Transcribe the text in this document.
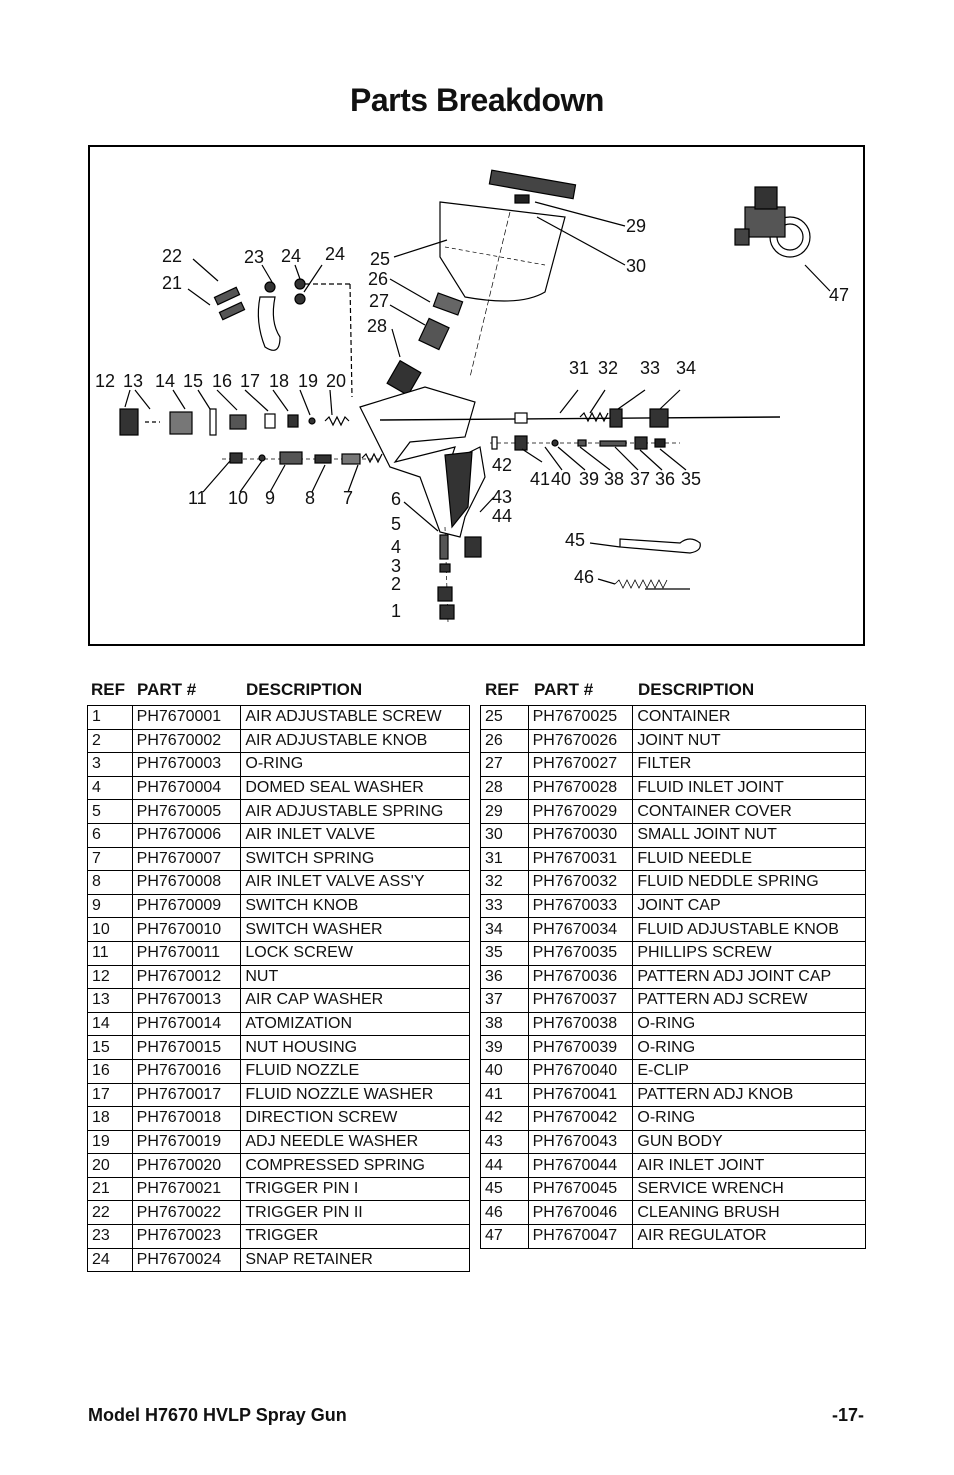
Parts Breakdown
22
21
23 24 24 25
26
27
28
29
30
47
12 13 14 15 16 17 18 19 20
31 32 33 34
42
41 40 39 38 37 36 35
11 10 9 8 7 6	43
44
5
4
3
2
1
45
46
REF PART #	DESCRIPTION	REF PART #	DESCRIPTION
1	PH7670001	AIR ADJUSTABLE SCREW
2	PH7670002	AIR ADJUSTABLE KNOB
3	PH7670003	O-RING
4	PH7670004	DOMED SEAL WASHER
5	PH7670005	AIR ADJUSTABLE SPRING
6	PH7670006	AIR INLET VALVE
7	PH7670007	SWITCH SPRING
8	PH7670008	AIR INLET VALVE ASS'Y
9	PH7670009	SWITCH KNOB
10	PH7670010	SWITCH WASHER
11	PH7670011	LOCK SCREW
12	PH7670012	NUT
13	PH7670013	AIR CAP WASHER
14	PH7670014	ATOMIZATION
15	PH7670015	NUT HOUSING
16	PH7670016	FLUID NOZZLE
17	PH7670017	FLUID NOZZLE WASHER
18	PH7670018	DIRECTION SCREW
19	PH7670019	ADJ NEEDLE WASHER
20	PH7670020	COMPRESSED SPRING
21	PH7670021	TRIGGER PIN I
22	PH7670022	TRIGGER PIN II
23	PH7670023	TRIGGER
24	PH7670024	SNAP RETAINER
25	PH7670025	CONTAINER
26	PH7670026	JOINT NUT
27	PH7670027	FILTER
28	PH7670028	FLUID INLET JOINT
29	PH7670029	CONTAINER COVER
30	PH7670030	SMALL JOINT NUT
31	PH7670031	FLUID NEEDLE
32	PH7670032	FLUID NEDDLE SPRING
33	PH7670033	JOINT CAP
34	PH7670034	FLUID ADJUSTABLE KNOB
35	PH7670035	PHILLIPS SCREW
36	PH7670036	PATTERN ADJ JOINT CAP
37	PH7670037	PATTERN ADJ SCREW
38	PH7670038	O-RING
39	PH7670039	O-RING
40	PH7670040	E-CLIP
41	PH7670041	PATTERN ADJ KNOB
42	PH7670042	O-RING
43	PH7670043	GUN BODY
44	PH7670044	AIR INLET JOINT
45	PH7670045	SERVICE WRENCH
46	PH7670046	CLEANING BRUSH
47	PH7670047	AIR REGULATOR
Model H7670 HVLP Spray Gun	-17-
